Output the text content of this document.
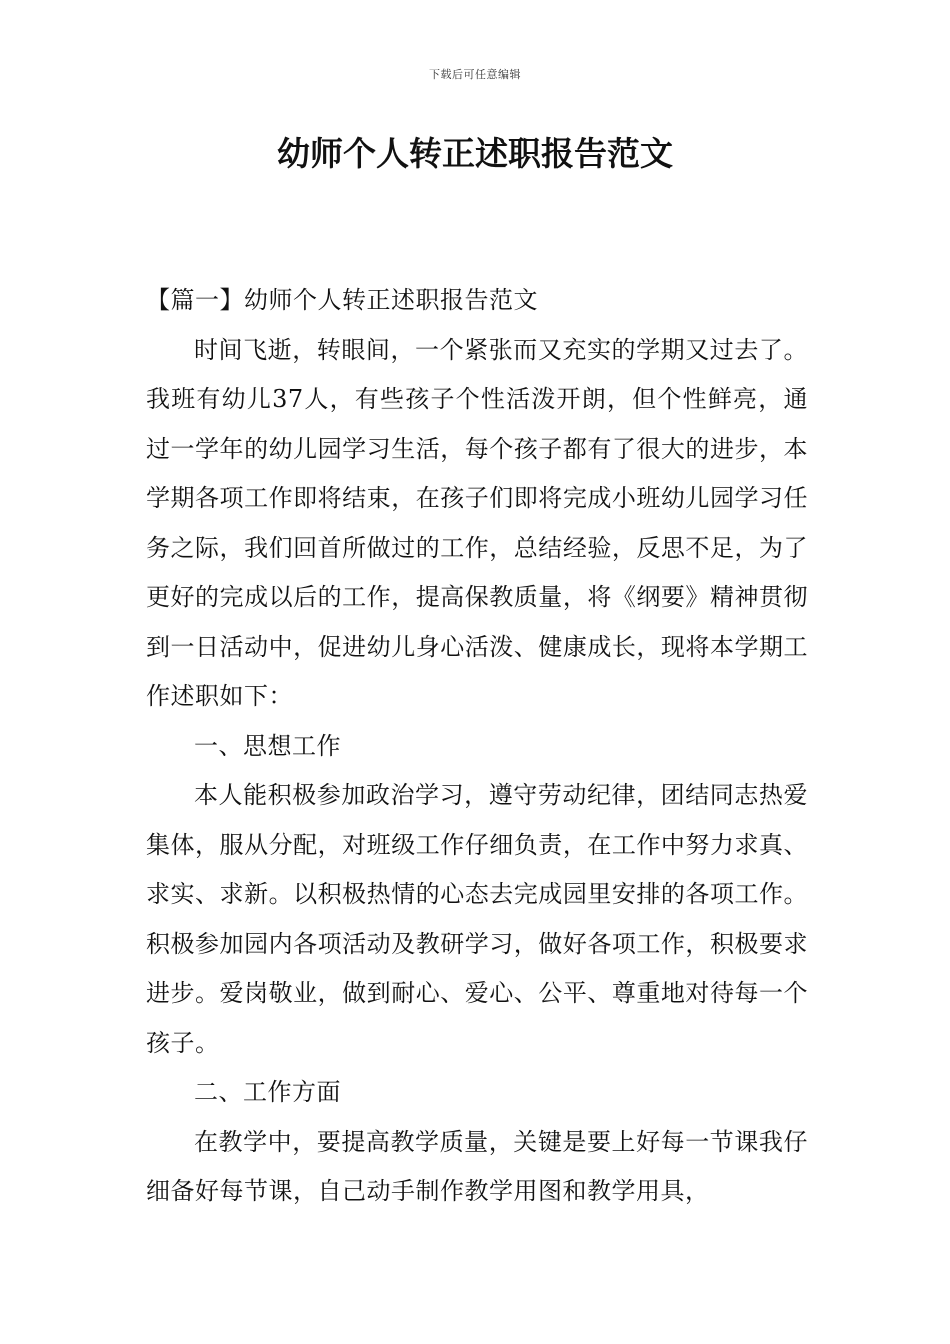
下载后可任意编辑
幼师个人转正述职报告范文

【篇一】幼师个人转正述职报告范文

时间飞逝，转眼间，一个紧张而又充实的学期又过去了。我班有幼儿37人，有些孩子个性活泼开朗，但个性鲜亮，通过一学年的幼儿园学习生活，每个孩子都有了很大的进步，本学期各项工作即将结束，在孩子们即将完成小班幼儿园学习任务之际，我们回首所做过的工作，总结经验，反思不足，为了更好的完成以后的工作，提高保教质量，将《纲要》精神贯彻到一日活动中，促进幼儿身心活泼、健康成长，现将本学期工作述职如下：

一、思想工作

本人能积极参加政治学习，遵守劳动纪律，团结同志热爱集体，服从分配，对班级工作仔细负责，在工作中努力求真、求实、求新。以积极热情的心态去完成园里安排的各项工作。积极参加园内各项活动及教研学习，做好各项工作，积极要求进步。爱岗敬业，做到耐心、爱心、公平、尊重地对待每一个孩子。

二、工作方面

在教学中，要提高教学质量，关键是要上好每一节课我仔细备好每节课，自己动手制作教学用图和教学用具，
